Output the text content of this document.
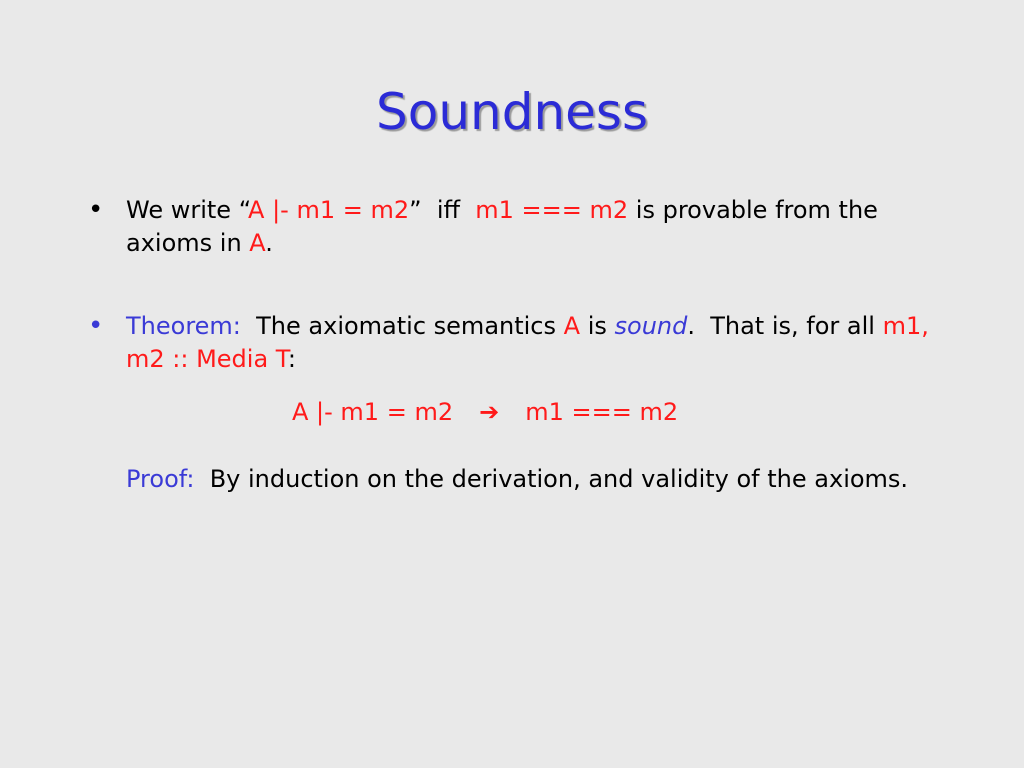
Soundness
• We write “A |- m1 = m2”  iff  m1 === m2 is provable from the axioms in A.
• Theorem:  The axiomatic semantics A is sound.  That is, for all m1, m2 :: Media T:
A |- m1 = m2 ➔ m1 === m2
Proof:  By induction on the derivation, and validity of the axioms.
